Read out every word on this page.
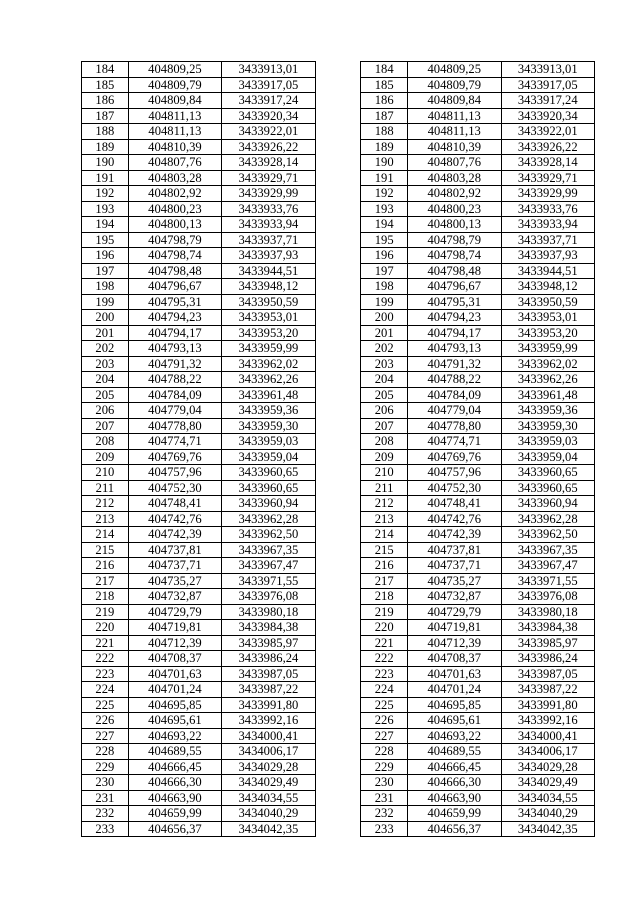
184	404809,25	3433913,01		184	404809,25	3433913,01
185	404809,79	3433917,05		185	404809,79	3433917,05
186	404809,84	3433917,24		186	404809,84	3433917,24
187	404811,13	3433920,34		187	404811,13	3433920,34
188	404811,13	3433922,01		188	404811,13	3433922,01
189	404810,39	3433926,22		189	404810,39	3433926,22
190	404807,76	3433928,14		190	404807,76	3433928,14
191	404803,28	3433929,71		191	404803,28	3433929,71
192	404802,92	3433929,99		192	404802,92	3433929,99
193	404800,23	3433933,76		193	404800,23	3433933,76
194	404800,13	3433933,94		194	404800,13	3433933,94
195	404798,79	3433937,71		195	404798,79	3433937,71
196	404798,74	3433937,93		196	404798,74	3433937,93
197	404798,48	3433944,51		197	404798,48	3433944,51
198	404796,67	3433948,12		198	404796,67	3433948,12
199	404795,31	3433950,59		199	404795,31	3433950,59
200	404794,23	3433953,01		200	404794,23	3433953,01
201	404794,17	3433953,20		201	404794,17	3433953,20
202	404793,13	3433959,99		202	404793,13	3433959,99
203	404791,32	3433962,02		203	404791,32	3433962,02
204	404788,22	3433962,26		204	404788,22	3433962,26
205	404784,09	3433961,48		205	404784,09	3433961,48
206	404779,04	3433959,36		206	404779,04	3433959,36
207	404778,80	3433959,30		207	404778,80	3433959,30
208	404774,71	3433959,03		208	404774,71	3433959,03
209	404769,76	3433959,04		209	404769,76	3433959,04
210	404757,96	3433960,65		210	404757,96	3433960,65
211	404752,30	3433960,65		211	404752,30	3433960,65
212	404748,41	3433960,94		212	404748,41	3433960,94
213	404742,76	3433962,28		213	404742,76	3433962,28
214	404742,39	3433962,50		214	404742,39	3433962,50
215	404737,81	3433967,35		215	404737,81	3433967,35
216	404737,71	3433967,47		216	404737,71	3433967,47
217	404735,27	3433971,55		217	404735,27	3433971,55
218	404732,87	3433976,08		218	404732,87	3433976,08
219	404729,79	3433980,18		219	404729,79	3433980,18
220	404719,81	3433984,38		220	404719,81	3433984,38
221	404712,39	3433985,97		221	404712,39	3433985,97
222	404708,37	3433986,24		222	404708,37	3433986,24
223	404701,63	3433987,05		223	404701,63	3433987,05
224	404701,24	3433987,22		224	404701,24	3433987,22
225	404695,85	3433991,80		225	404695,85	3433991,80
226	404695,61	3433992,16		226	404695,61	3433992,16
227	404693,22	3434000,41		227	404693,22	3434000,41
228	404689,55	3434006,17		228	404689,55	3434006,17
229	404666,45	3434029,28		229	404666,45	3434029,28
230	404666,30	3434029,49		230	404666,30	3434029,49
231	404663,90	3434034,55		231	404663,90	3434034,55
232	404659,99	3434040,29		232	404659,99	3434040,29
233	404656,37	3434042,35		233	404656,37	3434042,35
